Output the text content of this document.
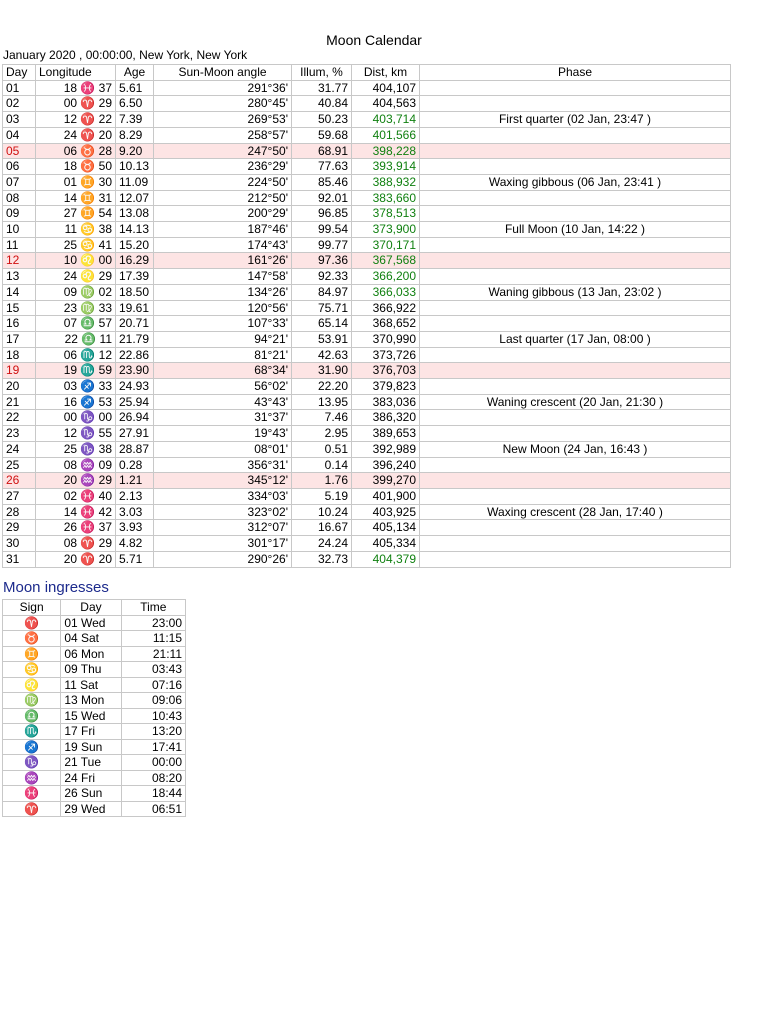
Moon Calendar
January 2020 , 00:00:00, New York, New York
Day	Longitude	Age	Sun-Moon angle	Illum, %	Dist, km	Phase
01	18 ♓ 37	5.61	291°36'	31.77	404,107	
02	00 ♈ 29	6.50	280°45'	40.84	404,563	
03	12 ♈ 22	7.39	269°53'	50.23	403,714	First quarter (02 Jan, 23:47 )
04	24 ♈ 20	8.29	258°57'	59.68	401,566	
05	06 ♉ 28	9.20	247°50'	68.91	398,228	
06	18 ♉ 50	10.13	236°29'	77.63	393,914	
07	01 ♊ 30	11.09	224°50'	85.46	388,932	Waxing gibbous (06 Jan, 23:41 )
08	14 ♊ 31	12.07	212°50'	92.01	383,660	
09	27 ♊ 54	13.08	200°29'	96.85	378,513	
10	11 ♋ 38	14.13	187°46'	99.54	373,900	Full Moon (10 Jan, 14:22 )
11	25 ♋ 41	15.20	174°43'	99.77	370,171	
12	10 ♌ 00	16.29	161°26'	97.36	367,568	
13	24 ♌ 29	17.39	147°58'	92.33	366,200	
14	09 ♍ 02	18.50	134°26'	84.97	366,033	Waning gibbous (13 Jan, 23:02 )
15	23 ♍ 33	19.61	120°56'	75.71	366,922	
16	07 ♎ 57	20.71	107°33'	65.14	368,652	
17	22 ♎ 11	21.79	94°21'	53.91	370,990	Last quarter (17 Jan, 08:00 )
18	06 ♏ 12	22.86	81°21'	42.63	373,726	
19	19 ♏ 59	23.90	68°34'	31.90	376,703	
20	03 ♐ 33	24.93	56°02'	22.20	379,823	
21	16 ♐ 53	25.94	43°43'	13.95	383,036	Waning crescent (20 Jan, 21:30 )
22	00 ♑ 00	26.94	31°37'	7.46	386,320	
23	12 ♑ 55	27.91	19°43'	2.95	389,653	
24	25 ♑ 38	28.87	08°01'	0.51	392,989	New Moon (24 Jan, 16:43 )
25	08 ♒ 09	0.28	356°31'	0.14	396,240	
26	20 ♒ 29	1.21	345°12'	1.76	399,270	
27	02 ♓ 40	2.13	334°03'	5.19	401,900	
28	14 ♓ 42	3.03	323°02'	10.24	403,925	Waxing crescent (28 Jan, 17:40 )
29	26 ♓ 37	3.93	312°07'	16.67	405,134	
30	08 ♈ 29	4.82	301°17'	24.24	405,334	
31	20 ♈ 20	5.71	290°26'	32.73	404,379	
Moon ingresses
Sign	Day	Time
♈	01 Wed	23:00
♉	04 Sat	11:15
♊	06 Mon	21:11
♋	09 Thu	03:43
♌	11 Sat	07:16
♍	13 Mon	09:06
♎	15 Wed	10:43
♏	17 Fri	13:20
♐	19 Sun	17:41
♑	21 Tue	00:00
♒	24 Fri	08:20
♓	26 Sun	18:44
♈	29 Wed	06:51
